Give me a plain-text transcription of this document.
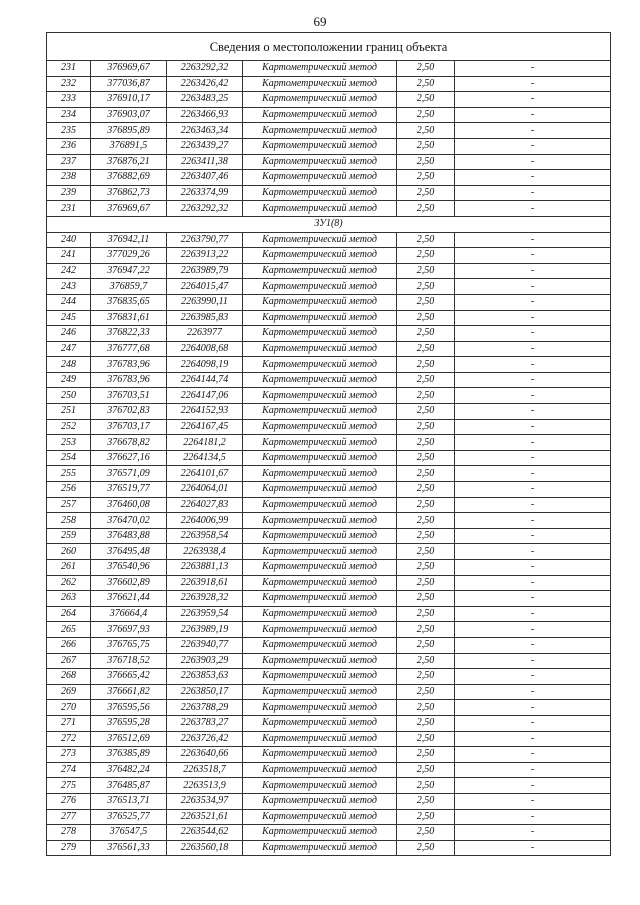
69
Сведения о местоположении границ объекта					
231	376969,67	2263292,32	Картометрический метод	2,50	-
232	377036,87	2263426,42	Картометрический метод	2,50	-
233	376910,17	2263483,25	Картометрический метод	2,50	-
234	376903,07	2263466,93	Картометрический метод	2,50	-
235	376895,89	2263463,34	Картометрический метод	2,50	-
236	376891,5	2263439,27	Картометрический метод	2,50	-
237	376876,21	2263411,38	Картометрический метод	2,50	-
238	376882,69	2263407,46	Картометрический метод	2,50	-
239	376862,73	2263374,99	Картометрический метод	2,50	-
231	376969,67	2263292,32	Картометрический метод	2,50	-
ЗУ1(8)					
240	376942,11	2263790,77	Картометрический метод	2,50	-
241	377029,26	2263913,22	Картометрический метод	2,50	-
242	376947,22	2263989,79	Картометрический метод	2,50	-
243	376859,7	2264015,47	Картометрический метод	2,50	-
244	376835,65	2263990,11	Картометрический метод	2,50	-
245	376831,61	2263985,83	Картометрический метод	2,50	-
246	376822,33	2263977	Картометрический метод	2,50	-
247	376777,68	2264008,68	Картометрический метод	2,50	-
248	376783,96	2264098,19	Картометрический метод	2,50	-
249	376783,96	2264144,74	Картометрический метод	2,50	-
250	376703,51	2264147,06	Картометрический метод	2,50	-
251	376702,83	2264152,93	Картометрический метод	2,50	-
252	376703,17	2264167,45	Картометрический метод	2,50	-
253	376678,82	2264181,2	Картометрический метод	2,50	-
254	376627,16	2264134,5	Картометрический метод	2,50	-
255	376571,09	2264101,67	Картометрический метод	2,50	-
256	376519,77	2264064,01	Картометрический метод	2,50	-
257	376460,08	2264027,83	Картометрический метод	2,50	-
258	376470,02	2264006,99	Картометрический метод	2,50	-
259	376483,88	2263958,54	Картометрический метод	2,50	-
260	376495,48	2263938,4	Картометрический метод	2,50	-
261	376540,96	2263881,13	Картометрический метод	2,50	-
262	376602,89	2263918,61	Картометрический метод	2,50	-
263	376621,44	2263928,32	Картометрический метод	2,50	-
264	376664,4	2263959,54	Картометрический метод	2,50	-
265	376697,93	2263989,19	Картометрический метод	2,50	-
266	376765,75	2263940,77	Картометрический метод	2,50	-
267	376718,52	2263903,29	Картометрический метод	2,50	-
268	376665,42	2263853,63	Картометрический метод	2,50	-
269	376661,82	2263850,17	Картометрический метод	2,50	-
270	376595,56	2263788,29	Картометрический метод	2,50	-
271	376595,28	2263783,27	Картометрический метод	2,50	-
272	376512,69	2263726,42	Картометрический метод	2,50	-
273	376385,89	2263640,66	Картометрический метод	2,50	-
274	376482,24	2263518,7	Картометрический метод	2,50	-
275	376485,87	2263513,9	Картометрический метод	2,50	-
276	376513,71	2263534,97	Картометрический метод	2,50	-
277	376525,77	2263521,61	Картометрический метод	2,50	-
278	376547,5	2263544,62	Картометрический метод	2,50	-
279	376561,33	2263560,18	Картометрический метод	2,50	-
